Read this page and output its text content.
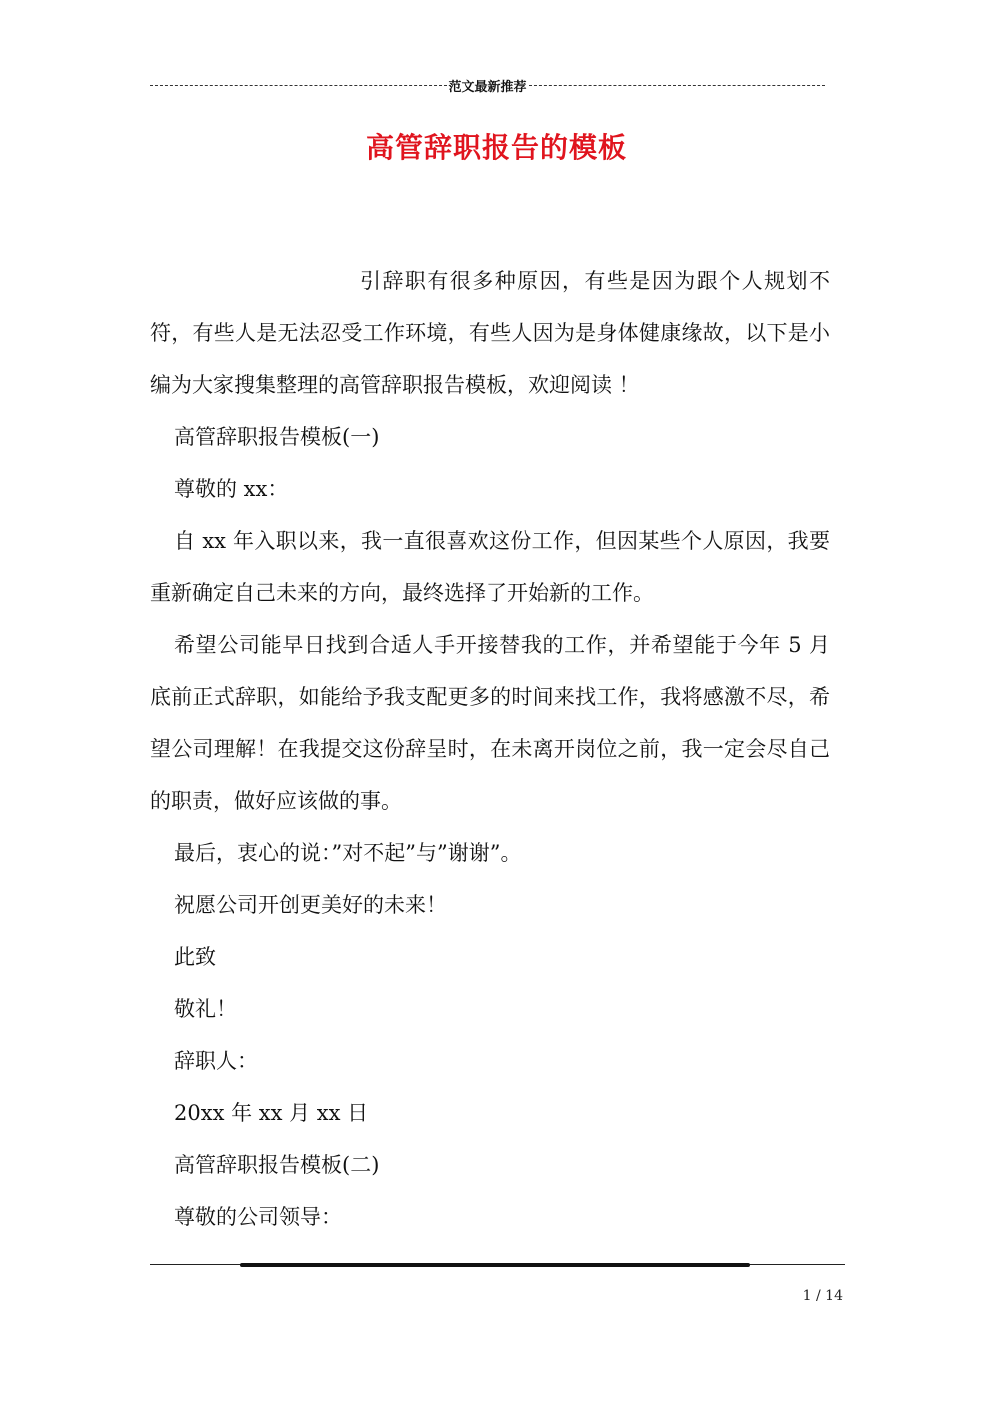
范文最新推荐
高管辞职报告的模板

引辞职有很多种原因，有些是因为跟个人规划不符，有些人是无法忍受工作环境，有些人因为是身体健康缘故，以下是小编为大家搜集整理的高管辞职报告模板，欢迎阅读 ！

高管辞职报告模板(一)

尊敬的 xx：

自 xx 年入职以来，我一直很喜欢这份工作，但因某些个人原因，我要重新确定自己未来的方向，最终选择了开始新的工作。

希望公司能早日找到合适人手开接替我的工作，并希望能于今年 5 月底前正式辞职，如能给予我支配更多的时间来找工作，我将感激不尽，希望公司理解！在我提交这份辞呈时，在未离开岗位之前，我一定会尽自己的职责，做好应该做的事。

最后，衷心的说：”对不起”与”谢谢”。

祝愿公司开创更美好的未来！

此致

敬礼！

辞职人：

20xx 年 xx 月 xx 日

高管辞职报告模板(二)

尊敬的公司领导：

1 / 14
